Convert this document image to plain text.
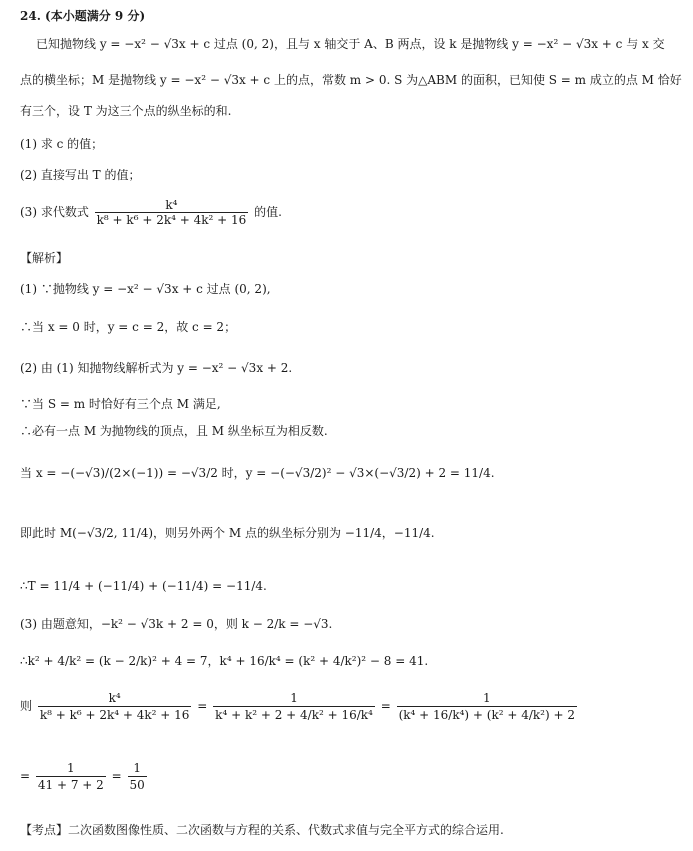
24. (本小题满分 9 分)
已知抛物线 y = −x² − √3x + c 过点 (0, 2)，且与 x 轴交于 A、B 两点，设 k 是抛物线 y = −x² − √3x + c 与 x 交
点的横坐标；M 是抛物线 y = −x² − √3x + c 上的点，常数 m > 0. S 为△ABM 的面积，已知使 S = m 成立的点 M 恰好
有三个，设 T 为这三个点的纵坐标的和.
(1) 求 c 的值；
(2) 直接写出 T 的值；
(3) 求代数式 $\frac{\text{k⁴}}{\text{k⁸ + k⁶ + 2k⁴ + 4k² + 16}}$ 的值.
【解析】
(1) ∵抛物线 y = −x² − √3x + c 过点 (0, 2),
∴当 x = 0 时，y = c = 2，故 c = 2；
(2) 由 (1) 知抛物线解析式为 y = −x² − √3x + 2.
∵当 S = m 时恰好有三个点 M 满足,
∴必有一点 M 为抛物线的顶点，且 M 纵坐标互为相反数.
当 x = −(−√3)/(2×(−1)) = −√3/2 时，y = −(−√3/2)² − √3×(−√3/2) + 2 = 11/4.
即此时 M(−√3/2, 11/4)，则另外两个 M 点的纵坐标分别为 −11/4，−11/4.
∴T = 11/4 + (−11/4) + (−11/4) = −11/4.
(3) 由题意知，−k² − √3k + 2 = 0，则 k − 2/k = −√3.
∴k² + 4/k² = (k − 2/k)² + 4 = 7，k⁴ + 16/k⁴ = (k² + 4/k²)² − 8 = 41.
则 $\frac{\text{k⁴}}{\text{k⁸ + k⁶ + 2k⁴ + 4k² + 16}} = \frac{1}{\text{k⁴ + k² + 2 + 4/k² + 16/k⁴}} = \frac{1}{\text{(k⁴ + 16/k⁴) + (k² + 4/k²) + 2}}$
= $\frac{1}{41 + 7 + 2} = \frac{1}{50}$
【考点】二次函数图像性质、二次函数与方程的关系、代数式求值与完全平方式的综合运用.
